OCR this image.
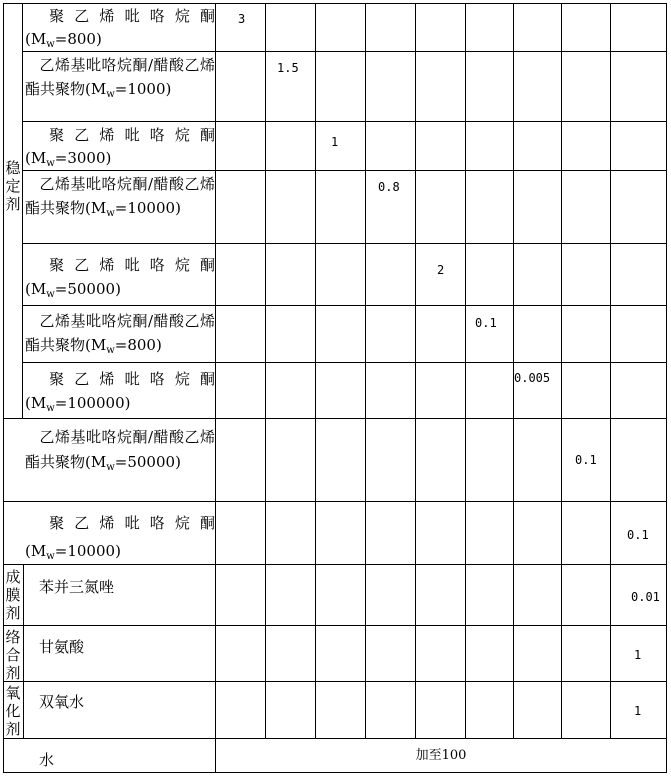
稳定剂
成膜剂
络合剂
氧化剂
聚乙烯吡咯烷酮$(M_w=800)$
乙烯基吡咯烷酮/醋酸乙烯酯共聚物$(M_w=1000)$
聚乙烯吡咯烷酮$(M_w=3000)$
乙烯基吡咯烷酮/醋酸乙烯酯共聚物$(M_w=10000)$
聚乙烯吡咯烷酮$(M_w=50000)$
乙烯基吡咯烷酮/醋酸乙烯酯共聚物$(M_w=800)$
聚乙烯吡咯烷酮$(M_w=100000)$
乙烯基吡咯烷酮/醋酸乙烯酯共聚物$(M_w=50000)$
聚乙烯吡咯烷酮$(M_w=10000)$
苯并三氮唑
甘氨酸
双氧水
水
3
1.5
1
0.8
2
0.1
0.005
0.1
0.1
0.01
1
1
加至100
